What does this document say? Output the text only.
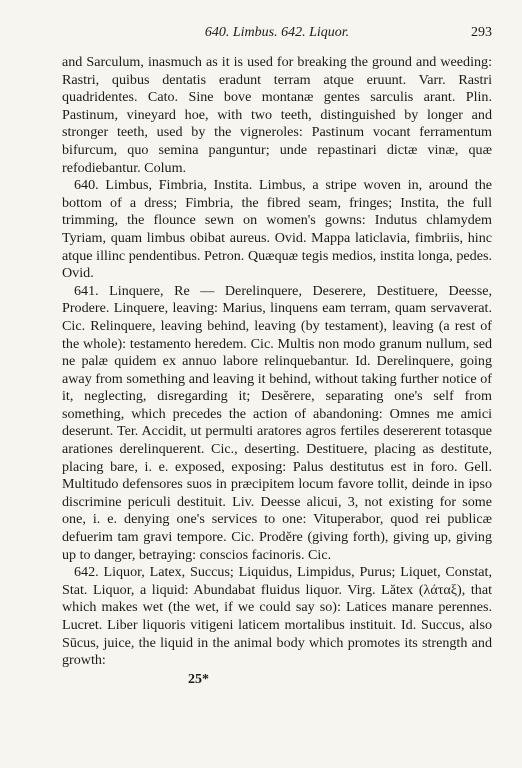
640. Limbus. 642. Liquor.	293

and Sarculum, inasmuch as it is used for breaking the ground and weeding: Rastri, quibus dentatis eradunt terram atque eruunt. Varr. Rastri quadridentes. Cato. Sine bove montanæ gentes sarculis arant. Plin. Pastinum, vineyard hoe, with two teeth, distinguished by longer and stronger teeth, used by the vigneroles: Pastinum vocant ferramentum bifurcum, quo semina panguntur; unde repastinari dictæ vinæ, quæ refodiebantur. Colum.

640. Limbus, Fimbria, Instita. Limbus, a stripe woven in, around the bottom of a dress; Fimbria, the fibred seam, fringes; Instita, the full trimming, the flounce sewn on women's gowns: Indutus chlamydem Tyriam, quam limbus obibat aureus. Ovid. Mappa laticlavia, fimbriis, hinc atque illinc pendentibus. Petron. Quæquæ tegis medios, instita longa, pedes. Ovid.

641. Linquere, Re — Derelinquere, Deserere, Destituere, Deesse, Prodere. Linquere, leaving: Marius, linquens eam terram, quam servaverat. Cic. Relinquere, leaving behind, leaving (by testament), leaving (a rest of the whole): testamento heredem. Cic. Multis non modo granum nullum, sed ne palæ quidem ex annuo labore relinquebantur. Id. Derelinquere, going away from something and leaving it behind, without taking further notice of it, neglecting, disregarding it; Desĕrere, separating one's self from something, which precedes the action of abandoning: Omnes me amici deserunt. Ter. Accidit, ut permulti aratores agros fertiles desererent totasque arationes derelinquerent. Cic., deserting. Destituere, placing as destitute, placing bare, i. e. exposed, exposing: Palus destitutus est in foro. Gell. Multitudo defensores suos in præcipitem locum favore tollit, deinde in ipso discrimine periculi destituit. Liv. Deesse alicui, 3, not existing for some one, i. e. denying one's services to one: Vituperabor, quod rei publicæ defuerim tam gravi tempore. Cic. Prodĕre (giving forth), giving up, giving up to danger, betraying: conscios facinoris. Cic.

642. Liquor, Latex, Succus; Liquidus, Limpidus, Purus; Liquet, Constat, Stat. Liquor, a liquid: Abundabat fluidus liquor. Virg. Lătex (λάταξ), that which makes wet (the wet, if we could say so): Latices manare perennes. Lucret. Liber liquoris vitigeni laticem mortalibus instituit. Id. Succus, also Sūcus, juice, the liquid in the animal body which promotes its strength and growth:

25*
